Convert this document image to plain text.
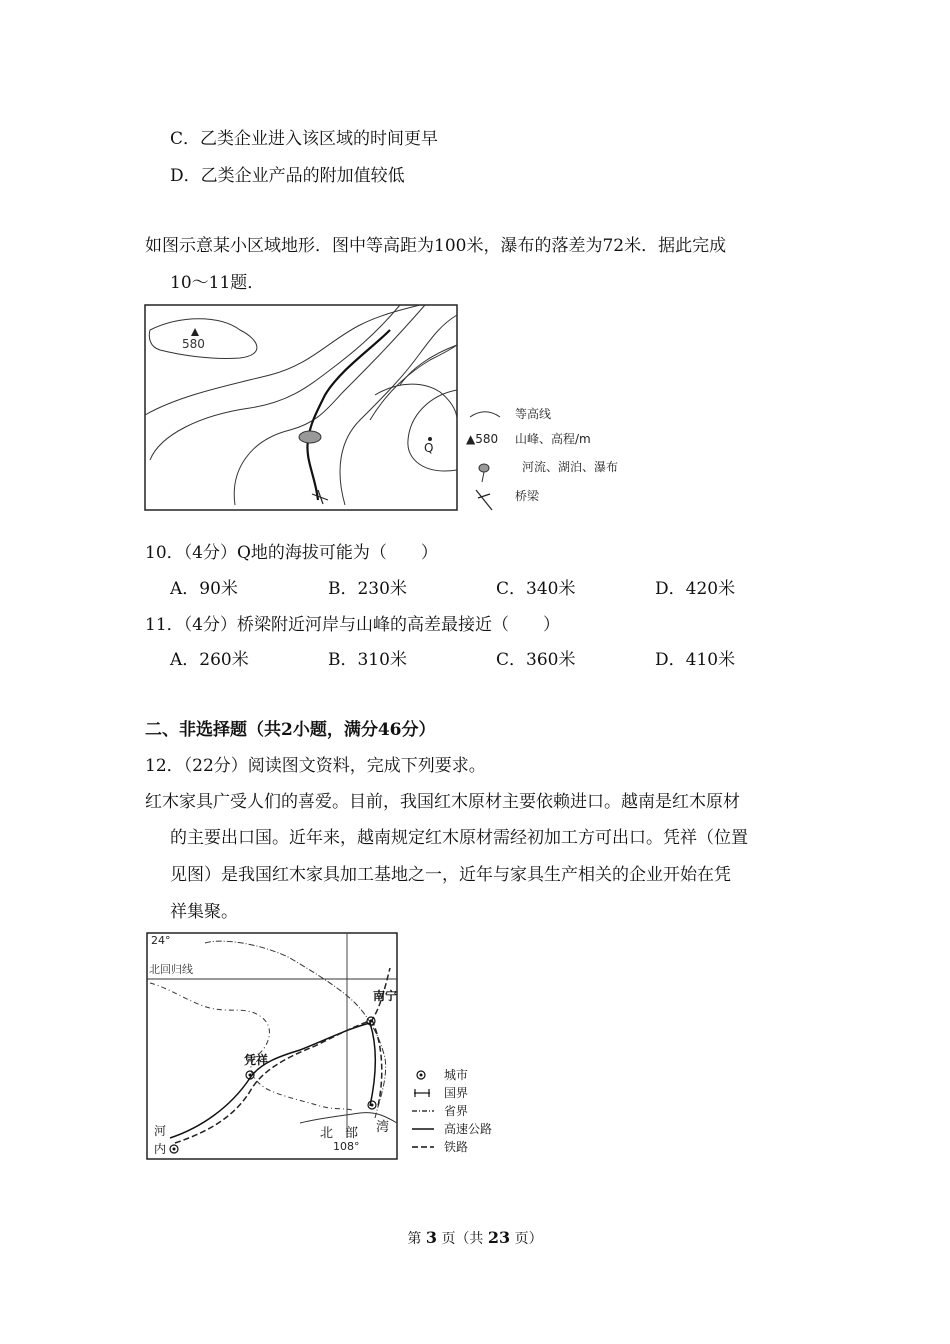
C．乙类企业进入该区域的时间更早
D．乙类企业产品的附加值较低
如图示意某小区域地形．图中等高距为100米，瀑布的落差为72米．据此完成
10～11题．
580
Q
等高线
▲580 山峰、高程/m
河流、湖泊、瀑布
桥梁
10．（4分）Q地的海拔可能为（　　）
A．90米	B．230米	C．340米	D．420米
11．（4分）桥梁附近河岸与山峰的高差最接近（　　）
A．260米	B．310米	C．360米	D．410米
二、非选择题（共2小题，满分46分）
12．（22分）阅读图文资料，完成下列要求。
红木家具广受人们的喜爱。目前，我国红木原材主要依赖进口。越南是红木原材
的主要出口国。近年来，越南规定红木原材需经初加工方可出口。凭祥（位置
见图）是我国红木家具加工基地之一，近年与家具生产相关的企业开始在凭
祥集聚。
24°
108°
北回归线
南宁
凭祥
河
内
北 部 湾
城市
国界
省界
高速公路
铁路
第 3 页（共 23 页）
